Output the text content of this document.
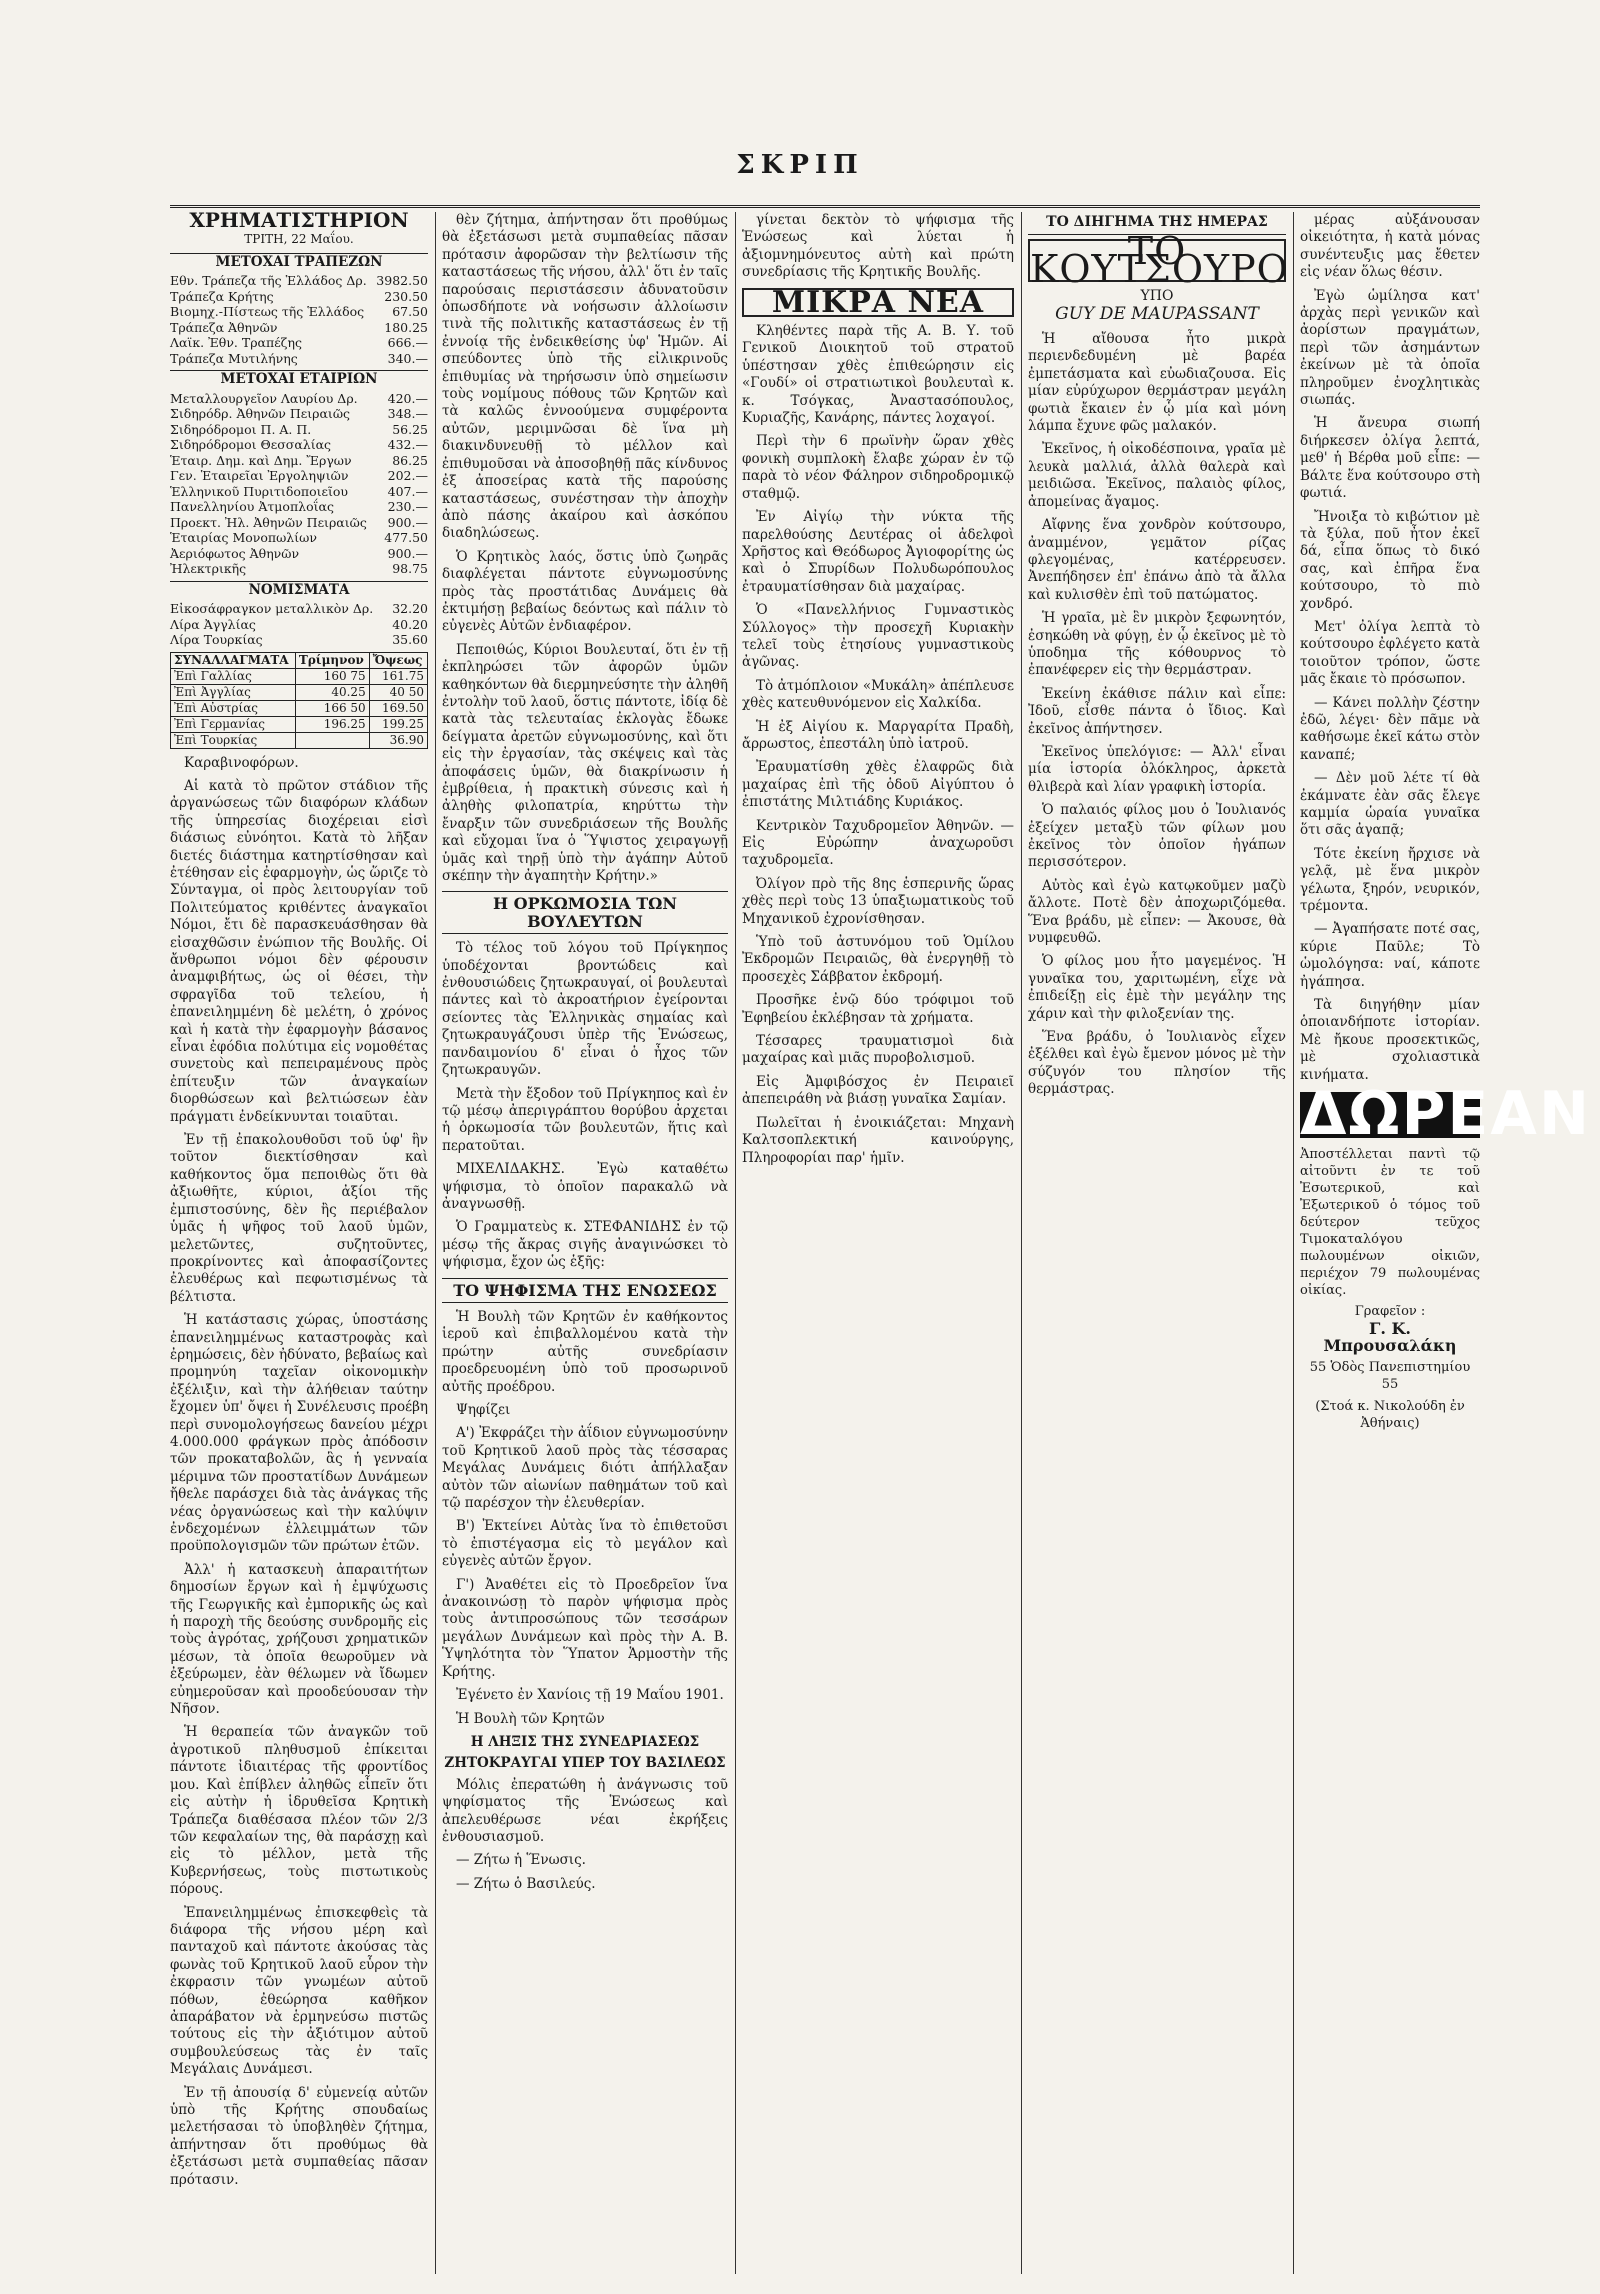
ΣΚΡΙΠ
ΧΡΗΜΑΤΙΣΤΗΡΙΟΝ
ΤΡΙΤΗ, 22 Μαΐου.
ΜΕΤΟΧΑΙ ΤΡΑΠΕΖΩΝ
Εθν. Τράπεζα τῆς Ἑλλάδος Δρ.	3982.50
Τράπεζα Κρήτης	230.50
Βιομηχ.-Πίστεως τῆς Ἑλλάδος	67.50
Τράπεζα Ἀθηνῶν	180.25
Λαϊκ. Ἐθν. Τραπέζης	666.—
Τράπεζα Μυτιλήνης	340.—
ΜΕΤΟΧΑΙ ΕΤΑΙΡΙΩΝ
Μεταλλουργεῖον Λαυρίου Δρ.	420.—
Σιδηρόδρ. Ἀθηνῶν Πειραιῶς	348.—
Σιδηρόδρομοι Π. Α. Π.	56.25
Σιδηρόδρομοι Θεσσαλίας	432.—
Ἑταιρ. Δημ. καὶ Δημ. Ἔργων	86.25
Γεν. Ἑταιρεῖαι Ἐργοληψιῶν	202.—
Ἑλληνικοῦ Πυριτιδοποιεῖου	407.—
Πανελληνίου Ἀτμοπλοΐας	230.—
Προεκτ. Ἠλ. Ἀθηνῶν Πειραιῶς	900.—
Ἑταιρίας Μονοπωλίων	477.50
Ἀεριόφωτος Ἀθηνῶν	900.—
Ἠλεκτρικῆς	98.75
ΝΟΜΙΣΜΑΤΑ
Εἰκοσάφραγκον μεταλλικὸν Δρ.	32.20
Λίρα Ἀγγλίας	40.20
Λίρα Τουρκίας	35.60
ΣΥΝΑΛΛΑΓΜΑΤΑ	Τρίμηνον	Ὄψεως
Ἐπὶ Γαλλίας	160 75	161.75
Ἐπὶ Ἀγγλίας	40.25	40 50
Ἐπὶ Αὐστρίας	166 50	169.50
Ἐπὶ Γερμανίας	196.25	199.25
Ἐπὶ Τουρκίας		36.90

Καραβινοφόρων.

Αἱ κατὰ τὸ πρῶτον στάδιον τῆς ἀργανώσεως τῶν διαφόρων κλάδων τῆς ὑπηρεσίας διοχέρειαι εἰσὶ διάσιως εὐνόητοι. Κατὰ τὸ λῆξαν διετές διάστημα κατηρτίσθησαν καὶ ἐτέθησαν εἰς ἐφαρμογὴν, ὡς ὥριζε τὸ Σύνταγμα, οἱ πρὸς λειτουργίαν τοῦ Πολιτεύματος κριθέντες ἀναγκαῖοι Νόμοι, ἔτι δὲ παρασκευάσθησαν θὰ εἰσαχθῶσιν ἐνώπιον τῆς Βουλῆς. Οἱ ἄνθρωποι νόμοι δὲν φέρουσιν ἀναμφιβήτως, ὡς οἱ θέσει, τὴν σφραγῖδα τοῦ τελείου, ἡ ἐπανειλημμένη δὲ μελέτη, ὁ χρόνος καὶ ἡ κατὰ τὴν ἐφαρμογὴν βάσανος εἶναι ἐφόδια πολύτιμα εἰς νομοθέτας συνετοὺς καὶ πεπειραμένους πρὸς ἐπίτευξιν τῶν ἀναγκαίων διορθώσεων καὶ βελτιώσεων ἐὰν πράγματι ἐνδείκνυνται τοιαῦται.

Ἐν τῇ ἐπακολουθοῦσι τοῦ ὑφ' ἣν τοῦτον διεκτίσθησαν καὶ καθήκοντος ὅμα πεποιθὼς ὅτι θὰ ἀξιωθῆτε, κύριοι, ἀξίοι τῆς ἐμπιστοσύνης, δὲν ἢς περιέβαλον ὑμᾶς ἡ ψῆφος τοῦ λαοῦ ὑμῶν, μελετῶντες, συζητοῦντες, προκρίνοντες καὶ ἀποφασίζοντες ἐλευθέρως καὶ πεφωτισμένως τὰ βέλτιστα.

Ἡ κατάστασις χώρας, ὑποστάσης ἐπανειλημμένως καταστροφὰς καὶ ἐρημώσεις, δὲν ἠδύνατο, βεβαίως καὶ προμηνύη ταχεῖαν οἰκονομικὴν ἐξέλιξιν, καὶ τὴν ἀλήθειαν ταύτην ἔχομεν ὑπ' ὄψει ἡ Συνέλευσις προέβη περὶ συνομολογήσεως δανείου μέχρι 4.000.000 φράγκων πρὸς ἀπόδοσιν τῶν προκαταβολῶν, ἃς ἡ γενναία μέριμνα τῶν προστατίδων Δυνάμεων ἤθελε παράσχει διὰ τὰς ἀνάγκας τῆς νέας ὀργανώσεως καὶ τὴν καλύψιν ἐνδεχομένων ἐλλειμμάτων τῶν προϋπολογισμῶν τῶν πρώτων ἐτῶν.

Ἀλλ' ἡ κατασκευὴ ἀπαραιτήτων δημοσίων ἔργων καὶ ἡ ἐμψύχωσις τῆς Γεωργικῆς καὶ ἐμπορικῆς ὡς καὶ ἡ παροχὴ τῆς δεούσης συνδρομῆς εἰς τοὺς ἀγρότας, χρήζουσι χρηματικῶν μέσων, τὰ ὁποῖα θεωροῦμεν νὰ ἐξεύρωμεν, ἐὰν θέλωμεν νὰ ἴδωμεν εὐημεροῦσαν καὶ προοδεύουσαν τὴν Νῆσον.

Ἡ θεραπεία τῶν ἀναγκῶν τοῦ ἀγροτικοῦ πληθυσμοῦ ἐπίκειται πάντοτε ἰδιαιτέρας τῆς φροντίδος μου. Καὶ ἐπίβλεν ἀληθῶς εἶπεῖν ὅτι εἰς αὐτὴν ἡ ἱδρυθεῖσα Κρητικὴ Τράπεζα διαθέσασα πλέον τῶν 2/3 τῶν κεφαλαίων της, θὰ παράσχῃ καὶ εἰς τὸ μέλλον, μετὰ τῆς Κυβερνήσεως, τοὺς πιστωτικοὺς πόρους.

Ἐπανειλημμένως ἐπισκεφθεὶς τὰ διάφορα τῆς νήσου μέρη καὶ πανταχοῦ καὶ πάντοτε ἀκούσας τὰς φωνὰς τοῦ Κρητικοῦ λαοῦ εὗρον τὴν ἐκφρασιν τῶν γνωμέων αὐτοῦ πόθων, ἐθεώρησα καθῆκον ἀπαράβατον νὰ ἑρμηνεύσω πιστῶς τούτους εἰς τὴν ἀξιότιμον αὐτοῦ συμβουλεύσεως τὰς ἐν ταῖς Μεγάλαις Δυνάμεσι.

Ἐν τῇ ἀπουσίᾳ δ' εὐμενείᾳ αὐτῶν ὑπὸ τῆς Κρήτης σπουδαίως μελετήσασαι τὸ ὑποβληθὲν ζήτημα, ἀπήντησαν ὅτι προθύμως θὰ ἐξετάσωσι μετὰ συμπαθείας πᾶσαν πρότασιν.

θὲν ζήτημα, ἀπήντησαν ὅτι προθύμως θὰ ἐξετάσωσι μετὰ συμπαθείας πᾶσαν πρότασιν ἀφορῶσαν τὴν βελτίωσιν τῆς καταστάσεως τῆς νήσου, ἀλλ' ὅτι ἐν ταῖς παρούσαις περιστάσεσιν ἀδυνατοῦσιν ὁπωσδήποτε νὰ νοήσωσιν ἀλλοίωσιν τινὰ τῆς πολιτικῆς καταστάσεως ἐν τῇ ἐννοίᾳ τῆς ἐνδεικθείσης ὑφ' Ἡμῶν. Αἱ σπεύδοντες ὑπὸ τῆς εἰλικρινοῦς ἐπιθυμίας νὰ τηρήσωσιν ὑπὸ σημείωσιν τοὺς νομίμους πόθους τῶν Κρητῶν καὶ τὰ καλῶς ἐννοούμενα συμφέροντα αὐτῶν, μεριμνῶσαι δὲ ἵνα μὴ διακινδυνευθῇ τὸ μέλλον καὶ ἐπιθυμοῦσαι νὰ ἀποσοβηθῇ πᾶς κίνδυνος ἐξ ἀποσείρας κατὰ τῆς παρούσης καταστάσεως, συνέστησαν τὴν ἀποχὴν ἀπὸ πάσης ἀκαίρου καὶ ἀσκόπου διαδηλώσεως.

Ὁ Κρητικὸς λαός, ὅστις ὑπὸ ζωηρᾶς διαφλέγεται πάντοτε εὐγνωμοσύνης πρὸς τὰς προστάτιδας Δυνάμεις θὰ ἐκτιμήσῃ βεβαίως δεόντως καὶ πάλιν τὸ εὐγενὲς Αὐτῶν ἐνδιαφέρον.

Πεποιθώς, Κύριοι Βουλευταί, ὅτι ἐν τῇ ἐκπληρώσει τῶν ἀφορῶν ὑμῶν καθηκόντων θὰ διερμηνεύσητε τὴν ἀληθῆ ἐντολὴν τοῦ λαοῦ, ὅστις πάντοτε, ἰδίᾳ δὲ κατὰ τὰς τελευταίας ἐκλογὰς ἔδωκε δείγματα ἀρετῶν εὐγνωμοσύνης, καὶ ὅτι εἰς τὴν ἐργασίαν, τὰς σκέψεις καὶ τὰς ἀποφάσεις ὑμῶν, θὰ διακρίνωσιν ἡ ἐμβρίθεια, ἡ πρακτικὴ σύνεσις καὶ ἡ ἀληθὴς φιλοπατρία, κηρύττω τὴν ἔναρξιν τῶν συνεδριάσεων τῆς Βουλῆς καὶ εὔχομαι ἵνα ὁ Ὕψιστος χειραγωγῇ ὑμᾶς καὶ τηρῇ ὑπὸ τὴν ἀγάπην Αὐτοῦ σκέπην τὴν ἀγαπητὴν Κρήτην.»

Η ΟΡΚΩΜΟΣΙΑ ΤΩΝ ΒΟΥΛΕΥΤΩΝ

Τὸ τέλος τοῦ λόγου τοῦ Πρίγκηπος ὑποδέχονται βροντώδεις καὶ ἐνθουσιώδεις ζητωκραυγαί, οἱ βουλευταὶ πάντες καὶ τὸ ἀκροατήριον ἐγείρονται σείοντες τὰς Ἑλληνικὰς σημαίας καὶ ζητωκραυγάζουσι ὑπὲρ τῆς Ἑνώσεως, πανδαιμονίου δ' εἶναι ὁ ἦχος τῶν ζητωκραυγῶν.

Μετὰ τὴν ἔξοδον τοῦ Πρίγκηπος καὶ ἐν τῷ μέσῳ ἀπεριγράπτου θορύβου ἀρχεται ἡ ὁρκωμοσία τῶν βουλευτῶν, ἥτις καὶ περατοῦται.

ΜΙΧΕΛΙΔΑΚΗΣ. Ἐγὼ καταθέτω ψήφισμα, τὸ ὁποῖον παρακαλῶ νὰ ἀναγνωσθῇ.

Ὁ Γραμματεὺς κ. ΣΤΕΦΑΝΙΔΗΣ ἐν τῷ μέσῳ τῆς ἄκρας σιγῆς ἀναγινώσκει τὸ ψήφισμα, ἔχον ὡς ἑξῆς:

ΤΟ ΨΗΦΙΣΜΑ ΤΗΣ ΕΝΩΣΕΩΣ

Ἡ Βουλὴ τῶν Κρητῶν ἐν καθήκοντος ἱεροῦ καὶ ἐπιβαλλομένου κατὰ τὴν πρώτην αὐτῆς συνεδρίασιν προεδρευομένη ὑπὸ τοῦ προσωρινοῦ αὐτῆς προέδρου.

Ψηφίζει

Α') Ἐκφράζει τὴν ἀΐδιον εὐγνωμοσύνην τοῦ Κρητικοῦ λαοῦ πρὸς τὰς τέσσαρας Μεγάλας Δυνάμεις διότι ἀπήλλαξαν αὐτὸν τῶν αἰωνίων παθημάτων τοῦ καὶ τῷ παρέσχον τὴν ἐλευθερίαν.

Β') Ἐκτείνει Αὐτὰς ἵνα τὸ ἐπιθετοῦσι τὸ ἐπιστέγασμα εἰς τὸ μεγάλον καὶ εὐγενὲς αὐτῶν ἔργον.

Γ') Ἀναθέτει εἰς τὸ Προεδρεῖον ἵνα ἀνακοινώσῃ τὸ παρὸν ψήφισμα πρὸς τοὺς ἀντιπροσώπους τῶν τεσσάρων μεγάλων Δυνάμεων καὶ πρὸς τὴν Α. Β. Ὑψηλότητα τὸν Ὕπατον Ἁρμοστὴν τῆς Κρήτης.

Ἐγένετο ἐν Χανίοις τῇ 19 Μαΐου 1901.

Ἡ Βουλὴ τῶν Κρητῶν

Η ΛΗΞΙΣ ΤΗΣ ΣΥΝΕΔΡΙΑΣΕΩΣ
ΖΗΤΟΚΡΑΥΓΑΙ ΥΠΕΡ ΤΟΥ ΒΑΣΙΛΕΩΣ

Μόλις ἐπερατώθη ἡ ἀνάγνωσις τοῦ ψηφίσματος τῆς Ἑνώσεως καὶ ἀπελευθέρωσε νέαι ἐκρήξεις ἐνθουσιασμοῦ.

— Ζήτω ἡ Ἕνωσις.

— Ζήτω ὁ Βασιλεύς.

γίνεται δεκτὸν τὸ ψήφισμα τῆς Ἑνώσεως καὶ λύεται ἡ ἀξιομνημόνευτος αὐτὴ καὶ πρώτη συνεδρίασις τῆς Κρητικῆς Βουλῆς.

ΜΙΚΡΑ ΝΕΑ

Κληθέντες παρὰ τῆς Α. Β. Υ. τοῦ Γενικοῦ Διοικητοῦ τοῦ στρατοῦ ὑπέστησαν χθὲς ἐπιθεώρησιν εἰς «Γουδί» οἱ στρατιωτικοὶ βουλευταὶ κ. κ. Τσόγκας, Ἀναστασόπουλος, Κυριαζῆς, Κανάρης, πάντες λοχαγοί.

Περὶ τὴν 6 πρωϊνὴν ὥραν χθὲς φονικὴ συμπλοκὴ ἔλαβε χώραν ἐν τῷ παρὰ τὸ νέον Φάληρον σιδηροδρομικῷ σταθμῷ.

Ἐν Αἰγίῳ τὴν νύκτα τῆς παρελθούσης Δευτέρας οἱ ἀδελφοὶ Χρῆστος καὶ Θεόδωρος Ἀγιοφορίτης ὡς καὶ ὁ Σπυρίδων Πολυδωρόπουλος ἐτραυματίσθησαν διὰ μαχαίρας.

Ὁ «Πανελλήνιος Γυμναστικὸς Σύλλογος» τὴν προσεχῆ Κυριακὴν τελεῖ τοὺς ἐτησίους γυμναστικοὺς ἀγῶνας.

Τὸ ἀτμόπλοιον «Μυκάλη» ἀπέπλευσε χθὲς κατευθυνόμενον εἰς Χαλκίδα.

Ἡ ἐξ Αἰγίου κ. Μαργαρίτα Πραδὴ, ἄρρωστος, ἐπεστάλη ὑπὸ ἰατροῦ.

Ἐραυματίσθη χθὲς ἐλαφρῶς διὰ μαχαίρας ἐπὶ τῆς ὁδοῦ Αἰγύπτου ὁ ἐπιστάτης Μιλτιάδης Κυριάκος.

Κεντρικὸν Ταχυδρομεῖον Ἀθηνῶν. — Εἰς Εὐρώπην ἀναχωροῦσι ταχυδρομεῖα.

Ὀλίγον πρὸ τῆς 8ης ἑσπερινῆς ὥρας χθὲς περὶ τοὺς 13 ὑπαξιωματικοὺς τοῦ Μηχανικοῦ ἐχρονίσθησαν.

Ὑπὸ τοῦ ἀστυνόμου τοῦ Ὁμίλου Ἐκδρομῶν Πειραιῶς, θὰ ἐνεργηθῇ τὸ προσεχὲς Σάββατον ἐκδρομή.

Προσῆκε ἐνῷ δύο τρόφιμοι τοῦ Ἐφηβείου ἐκλέβησαν τὰ χρήματα.

Τέσσαρες τραυματισμοὶ διὰ μαχαίρας καὶ μιᾶς πυροβολισμοῦ.

Εἰς Ἀμφιβόσχος ἐν Πειραιεῖ ἀπεπειράθη νὰ βιάσῃ γυναῖκα Σαμίαν.

Πωλεῖται ἡ ἐνοικιάζεται: Μηχανὴ Καλτσοπλεκτική καινούργης, Πληροφορίαι παρ' ἡμῖν.

ΤΟ ΔΙΗΓΗΜΑ ΤΗΣ ΗΜΕΡΑΣ
ΤΟ ΚΟΥΤΣΟΥΡΟ
ΥΠΟ
GUY DE MAUPASSANT

Ἡ αἴθουσα ἦτο μικρὰ περιενδεδυμένη μὲ βαρέα ἐμπετάσματα καὶ εὐωδιαζουσα. Εἰς μίαν εὐρύχωρον θερμάστραν μεγάλη φωτιὰ ἔκαιεν ἐν ᾧ μία καὶ μόνη λάμπα ἔχυνε φῶς μαλακόν.

Ἐκεῖνος, ἡ οἰκοδέσποινα, γραῖα μὲ λευκὰ μαλλιά, ἀλλὰ θαλερὰ καὶ μειδιῶσα. Ἐκεῖνος, παλαιὸς φίλος, ἀπομείνας ἄγαμος.

Αἴφνης ἕνα χονδρὸν κούτσουρο, ἀναμμένον, γεμᾶτον ρίζας φλεγομένας, κατέρρευσεν. Ἀνεπήδησεν ἐπ' ἐπάνω ἀπὸ τὰ ἄλλα καὶ κυλισθὲν ἐπὶ τοῦ πατώματος.

Ἡ γραῖα, μὲ ἓν μικρὸν ξεφωνητόν, ἐσηκώθη νὰ φύγῃ, ἐν ᾧ ἐκεῖνος μὲ τὸ ὑποδημα τῆς κόθουρνος τὸ ἐπανέφερεν εἰς τὴν θερμάστραν.

Ἐκείνη ἐκάθισε πάλιν καὶ εἶπε: Ἰδοῦ, εἶσθε πάντα ὁ ἴδιος. Καὶ ἐκεῖνος ἀπήντησεν.

Ἐκεῖνος ὑπελόγισε: — Ἀλλ' εἶναι μία ἱστορία ὀλόκληρος, ἀρκετὰ θλιβερὰ καὶ λίαν γραφικὴ ἱστορία.

Ὁ παλαιός φίλος μου ὁ Ἰουλιανός ἐξείχεν μεταξὺ τῶν φίλων μου ἐκεῖνος τὸν ὁποῖον ἠγάπων περισσότερον.

Αὐτὸς καὶ ἐγὼ κατῳκοῦμεν μαζὺ ἄλλοτε. Ποτὲ δὲν ἀποχωριζόμεθα. Ἕνα βράδυ, μὲ εἶπεν: — Ἀκουσε, θὰ νυμφευθῶ.

Ὁ φίλος μου ἦτο μαγεμένος. Ἡ γυναῖκα του, χαριτωμένη, εἶχε νὰ ἐπιδείξῃ εἰς ἐμὲ τὴν μεγάλην της χάριν καὶ τὴν φιλοξενίαν της.

Ἕνα βράδυ, ὁ Ἰουλιανὸς εἶχεν ἐξέλθει καὶ ἐγὼ ἔμενον μόνος μὲ τὴν σύζυγόν του πλησίον τῆς θερμάστρας.

μέρας αὐξάνουσαν οἰκειότητα, ἡ κατὰ μόνας συνέντευξις μας ἔθετεν εἰς νέαν ὅλως θέσιν.

Ἐγὼ ὡμίλησα κατ' ἀρχὰς περὶ γενικῶν καὶ ἀορίστων πραγμάτων, περὶ τῶν ἀσημάντων ἐκείνων μὲ τὰ ὁποῖα πληροῦμεν ἐνοχλητικὰς σιωπάς.

Ἡ ἄνευρα σιωπή διήρκεσεν ὀλίγα λεπτά, μεθ' ἡ Βέρθα μοῦ εἶπε: — Βάλτε ἕνα κούτσουρο στὴ φωτιά.

Ἤνοιξα τὸ κιβώτιον μὲ τὰ ξύλα, ποῦ ἦτον ἐκεῖ δά, εἶπα ὅπως τὸ δικό σας, καὶ ἐπῆρα ἕνα κούτσουρο, τὸ πιὸ χονδρό.

Μετ' ὀλίγα λεπτὰ τὸ κούτσουρο ἐφλέγετο κατὰ τοιοῦτον τρόπον, ὥστε μᾶς ἔκαιε τὸ πρόσωπον.

— Κάνει πολλὴν ζέστην ἐδῶ, λέγει· δὲν πᾶμε νὰ καθήσωμε ἐκεῖ κάτω στὸν καναπέ;

— Δὲν μοῦ λέτε τί θὰ ἐκάμνατε ἐὰν σᾶς ἔλεγε καμμία ὡραία γυναῖκα ὅτι σᾶς ἀγαπᾷ;

Τότε ἐκείνη ἤρχισε νὰ γελᾷ, μὲ ἕνα μικρὸν γέλωτα, ξηρόν, νευρικόν, τρέμοντα.

— Ἀγαπήσατε ποτέ σας, κύριε Παῦλε; Τὸ ὡμολόγησα: ναί, κάποτε ἠγάπησα.

Τὰ διηγήθην μίαν ὁποιανδήποτε ἱστορίαν. Μὲ ἤκουε προσεκτικῶς, μὲ σχολιαστικὰ κινήματα.

ΔΩΡΕΑΝ
Ἀποστέλλεται παντὶ τῷ αἰτοῦντι ἐν τε τοῦ Ἐσωτερικοῦ, καὶ Ἐξωτερικοῦ ὁ τόμος τοῦ δεύτερον τεῦχος Τιμοκαταλόγου πωλουμένων οἰκιῶν, περιέχον 79 πωλουμένας οἰκίας.
Γραφεῖον :
Γ. Κ. Μπρουσαλάκη
55 Ὁδὸς Πανεπιστημίου 55
(Στοά κ. Νικολούδη ἐν Ἀθήναις)
